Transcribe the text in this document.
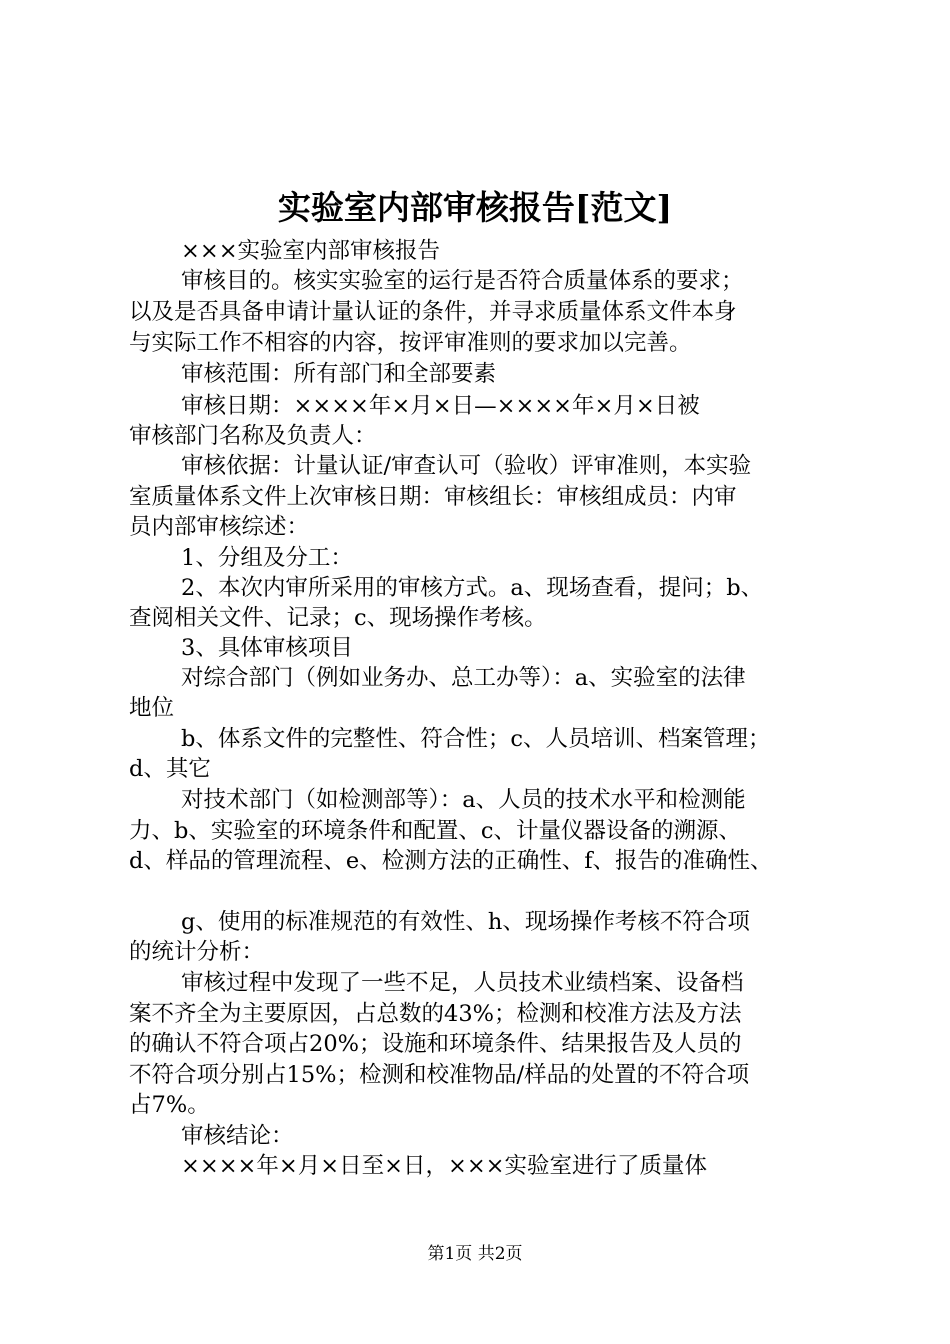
实验室内部审核报告[范文]
×××实验室内部审核报告
审核目的。核实实验室的运行是否符合质量体系的要求；
以及是否具备申请计量认证的条件，并寻求质量体系文件本身
与实际工作不相容的内容，按评审准则的要求加以完善。
审核范围：所有部门和全部要素
审核日期：××××年×月×日—××××年×月×日被
审核部门名称及负责人：
审核依据：计量认证/审查认可（验收）评审准则，本实验
室质量体系文件上次审核日期：审核组长：审核组成员：内审
员内部审核综述：
1、分组及分工：
2、本次内审所采用的审核方式。a、现场查看，提问；b、
查阅相关文件、记录；c、现场操作考核。
3、具体审核项目
对综合部门（例如业务办、总工办等）：a、实验室的法律
地位
b、体系文件的完整性、符合性；c、人员培训、档案管理；
d、其它
对技术部门（如检测部等）：a、人员的技术水平和检测能
力、b、实验室的环境条件和配置、c、计量仪器设备的溯源、
d、样品的管理流程、e、检测方法的正确性、f、报告的准确性、
g、使用的标准规范的有效性、h、现场操作考核不符合项
的统计分析：
审核过程中发现了一些不足，人员技术业绩档案、设备档
案不齐全为主要原因，占总数的43%；检测和校准方法及方法
的确认不符合项占20%；设施和环境条件、结果报告及人员的
不符合项分别占15%；检测和校准物品/样品的处置的不符合项
占7%。
审核结论：
××××年×月×日至×日，×××实验室进行了质量体
第1页 共2页
